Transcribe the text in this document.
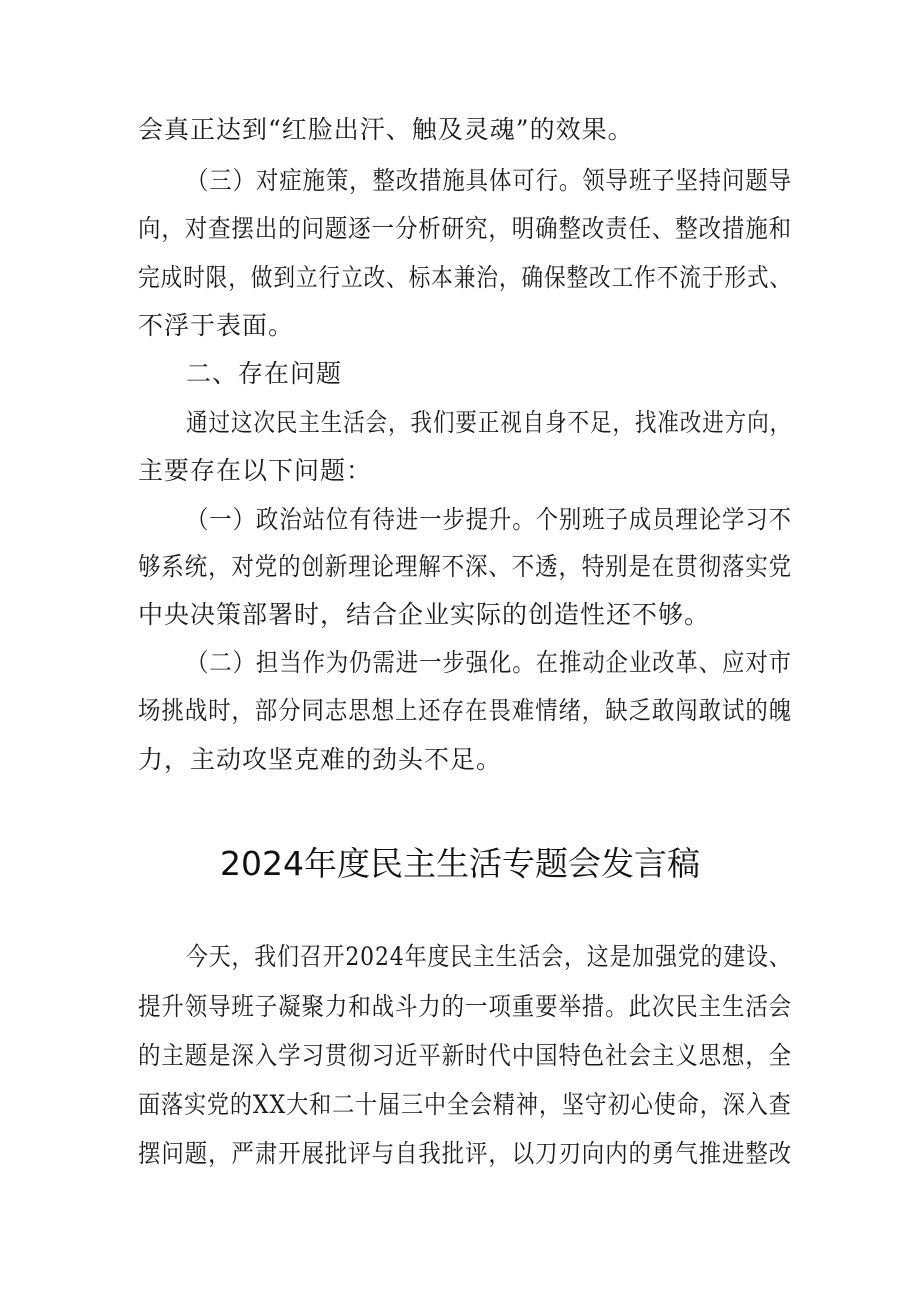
会真正达到“红脸出汗、触及灵魂”的效果。
（三）对症施策，整改措施具体可行。领导班子坚持问题导
向，对查摆出的问题逐一分析研究，明确整改责任、整改措施和
完成时限，做到立行立改、标本兼治，确保整改工作不流于形式、
不浮于表面。
二、存在问题
通过这次民主生活会，我们要正视自身不足，找准改进方向，
主要存在以下问题：
（一）政治站位有待进一步提升。个别班子成员理论学习不
够系统，对党的创新理论理解不深、不透，特别是在贯彻落实党
中央决策部署时，结合企业实际的创造性还不够。
（二）担当作为仍需进一步强化。在推动企业改革、应对市
场挑战时，部分同志思想上还存在畏难情绪，缺乏敢闯敢试的魄
力，主动攻坚克难的劲头不足。
2024年度民主生活专题会发言稿
今天，我们召开2024年度民主生活会，这是加强党的建设、
提升领导班子凝聚力和战斗力的一项重要举措。此次民主生活会
的主题是深入学习贯彻习近平新时代中国特色社会主义思想，全
面落实党的XX大和二十届三中全会精神，坚守初心使命，深入查
摆问题，严肃开展批评与自我批评，以刀刃向内的勇气推进整改
